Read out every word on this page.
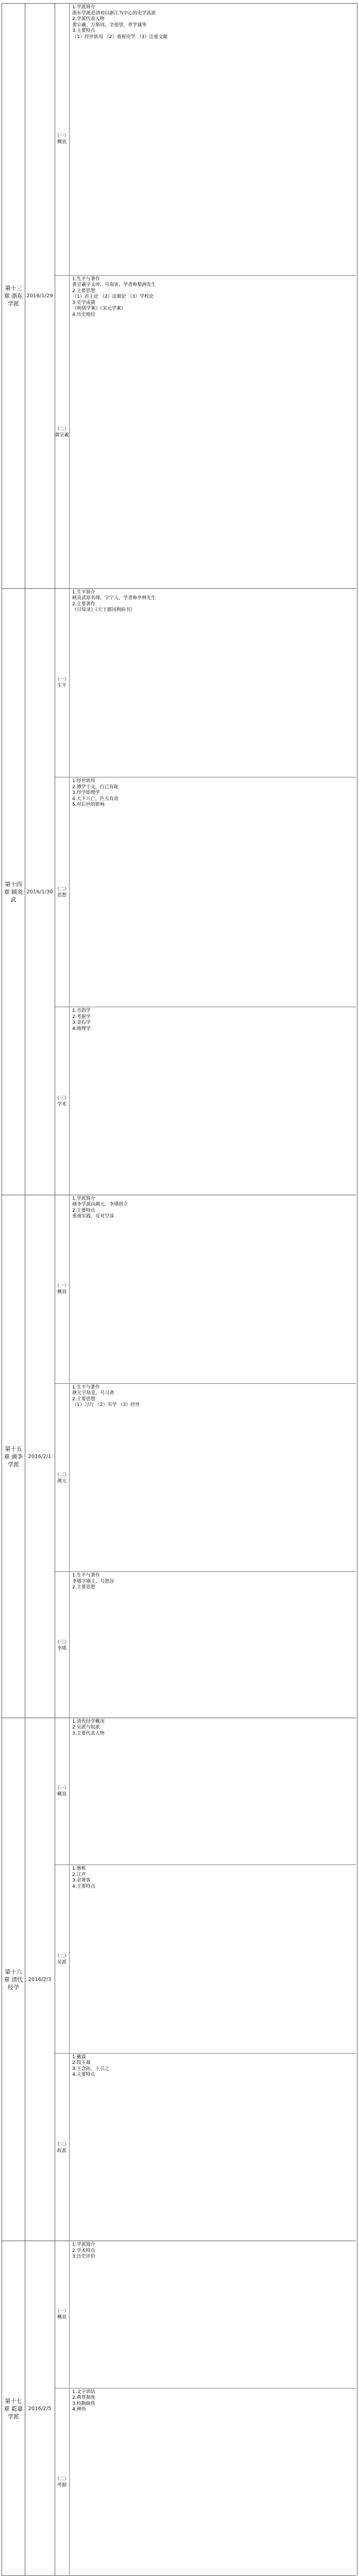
第十三章 浙东学派
2016/1/29
（一）概说
1.学派简介
浙东学派是清初以浙江为中心的史学流派
2.学派代表人物
黄宗羲、万斯同、全祖望、章学诚等
3.主要特点
（1）经世致用 （2）重视史学 （3）注重文献
（二）黄宗羲
1.生平与著作
黄宗羲字太冲，号南雷，学者称梨洲先生
2.主要思想
（1）君主论 （2）法制论 （3）学校论
3.史学成就
《明儒学案》《宋元学案》
4.历史地位
第十四章 顾炎武
2016/1/30
（一）生平
1.生平简介
顾炎武原名绛，字宁人，学者称亭林先生
2.主要著作
《日知录》《天下郡国利病书》
（二）思想
1.经世致用
2.博学于文，行己有耻
3.经学即理学
4.天下兴亡，匹夫有责
5.对后世的影响
（三）学术
1.音韵学
2.考据学
3.金石学
4.地理学
第十五章 颜李学派
2016/2/1
（一）概说
1.学派简介
颜李学派由颜元、李塨创立
2.主要特点
重视实践，反对空谈
（二）颜元
1.生平与著作
颜元字易直，号习斋
2.主要思想
（1）习行 （2）实学 （3）经世
（三）李塨
1.生平与著作
李塨字刚主，号恕谷
2.主要思想
第十六章 清代经学
2016/2/3
（一）概说
1.清代经学概况
2.吴派与皖派
3.主要代表人物
（二）吴派
1.惠栋
2.江声
3.余萧客
4.主要特点
（三）皖派
1.戴震
2.段玉裁
3.王念孙、王引之
4.主要特点
第十七章 乾嘉学派
2016/2/5
（一）概说
1.学派简介
2.学术特点
3.历史评价
（二）考据
1.文字训诂
2.典章制度
3.校勘辑佚
4.辨伪
